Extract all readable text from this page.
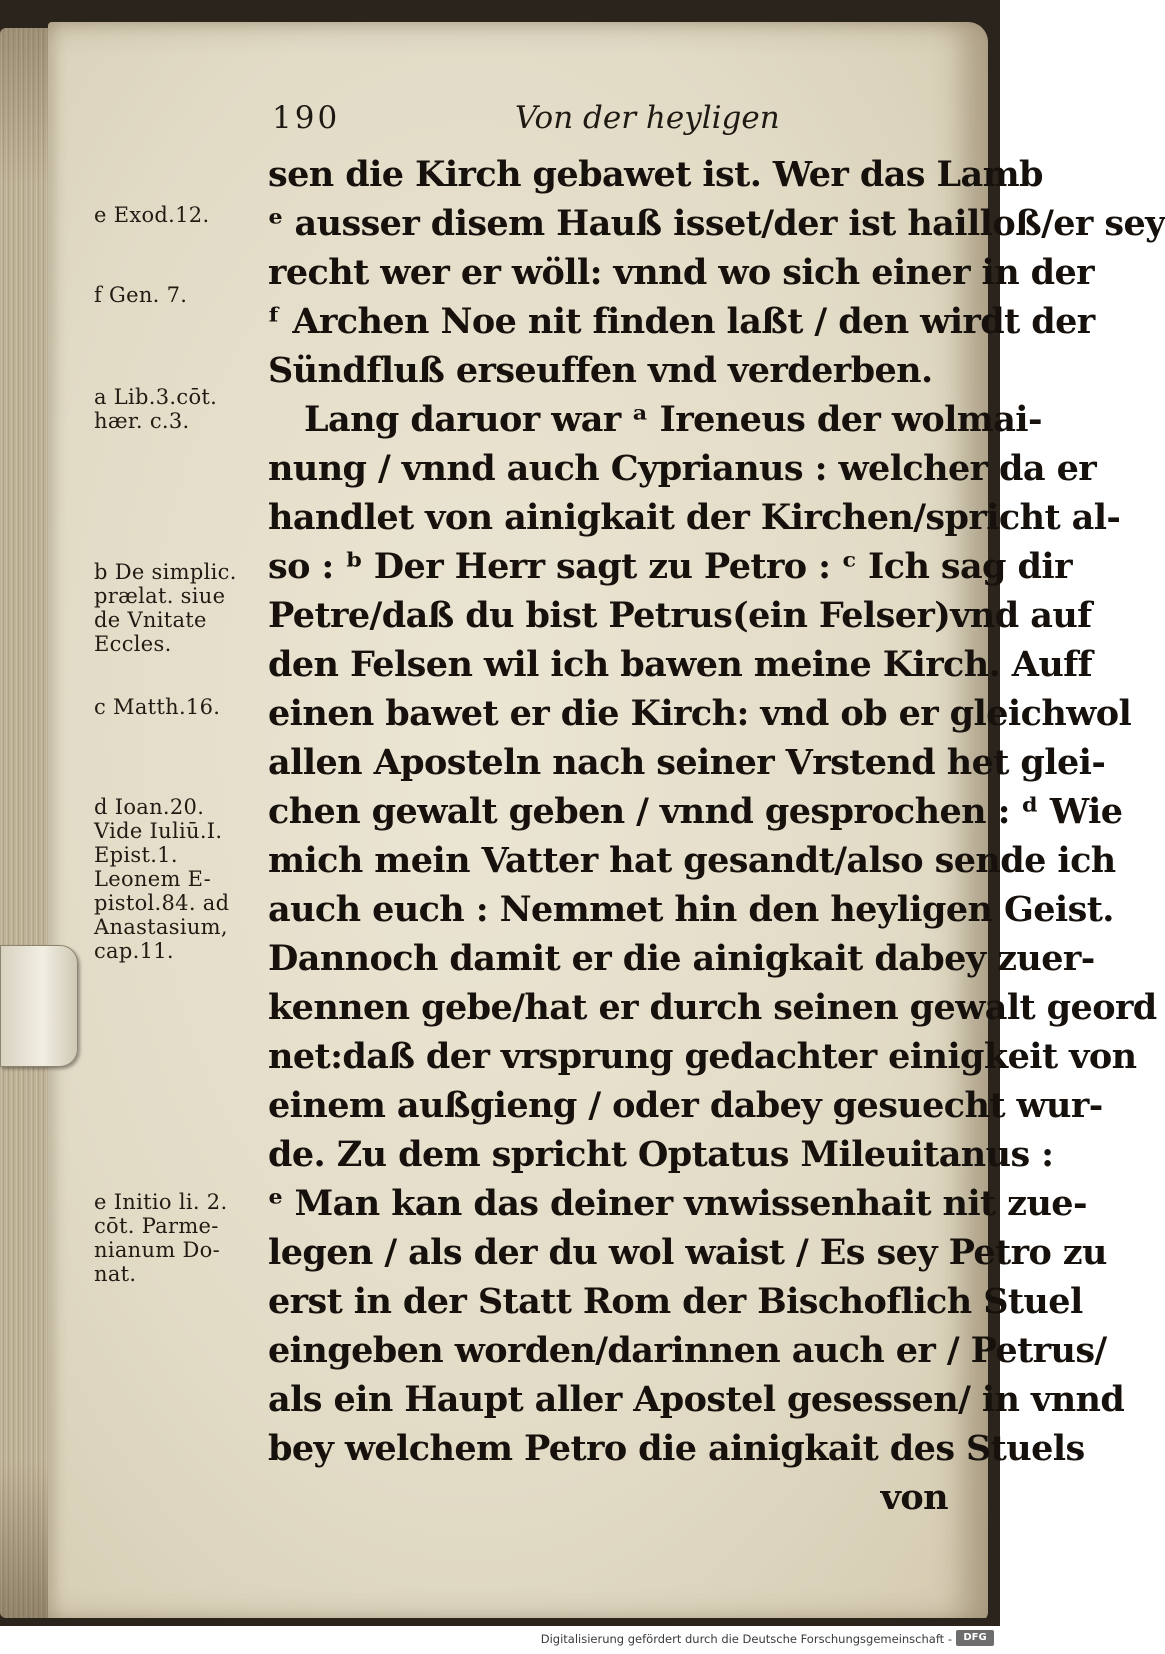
190	Von der heyligen
sen die Kirch gebawet ist. Wer das Lamb
ᵉ ausser disem Hauß isset/der ist hailloß/er sey
recht wer er wöll: vnnd wo sich einer in der
ᶠ Archen Noe nit finden laßt / den wirdt der
Sündfluß erseuffen vnd verderben.
Lang daruor war ᵃ Ireneus der wolmai-
nung / vnnd auch Cyprianus : welcher da er
handlet von ainigkait der Kirchen/spricht al-
so : ᵇ Der Herr sagt zu Petro : ᶜ Ich sag dir
Petre/daß du bist Petrus(ein Felser)vnd auf
den Felsen wil ich bawen meine Kirch. Auff
einen bawet er die Kirch: vnd ob er gleichwol
allen Aposteln nach seiner Vrstend het glei-
chen gewalt geben / vnnd gesprochen : ᵈ Wie
mich mein Vatter hat gesandt/also sende ich
auch euch : Nemmet hin den heyligen Geist.
Dannoch damit er die ainigkait dabey zuer-
kennen gebe/hat er durch seinen gewalt geord
net:daß der vrsprung gedachter einigkeit von
einem außgieng / oder dabey gesuecht wur-
de. Zu dem spricht Optatus Mileuitanus :
ᵉ Man kan das deiner vnwissenhait nit zue-
legen / als der du wol waist / Es sey Petro zu
erst in der Statt Rom der Bischoflich Stuel
eingeben worden/darinnen auch er / Petrus/
als ein Haupt aller Apostel gesessen/ in vnnd
bey welchem Petro die ainigkait des Stuels
von
e Exod.12.
f Gen. 7.
a Lib.3.cōt.
hær. c.3.
b De simplic.
prælat. siue
de Vnitate
Eccles.
c Matth.16.
d Ioan.20.
Vide Iuliū.I.
Epist.1.
Leonem E-
pistol.84. ad
Anastasium,
cap.11.
e Initio li. 2.
cōt. Parme-
nianum Do-
nat.
Digitalisierung gefördert durch die Deutsche Forschungsgemeinschaft -	DFG
